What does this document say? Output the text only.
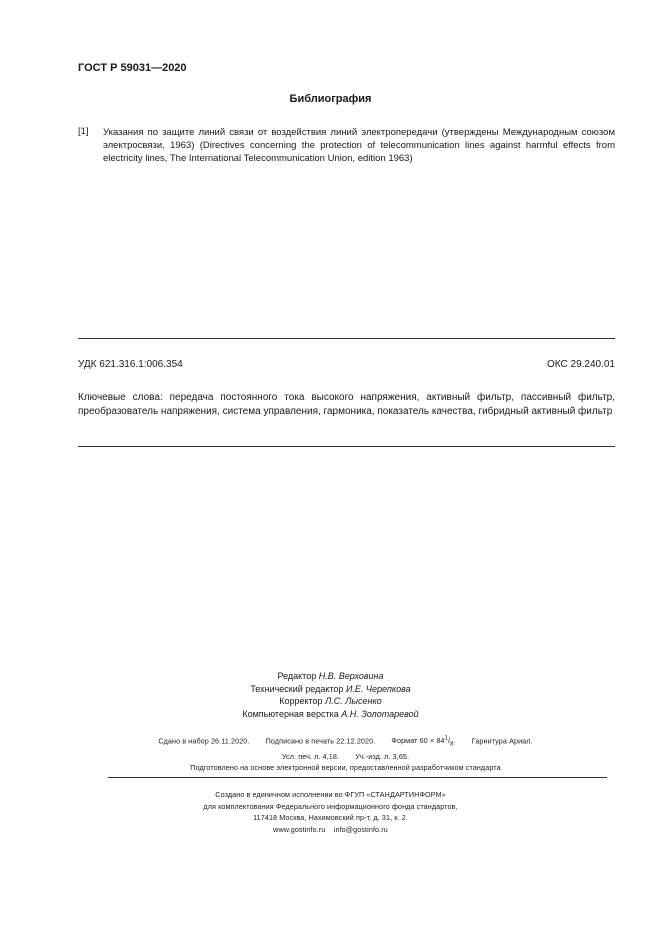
ГОСТ Р 59031—2020
Библиография
[1] Указания по защите линий связи от воздействия линий электропередачи (утверждены Международным союзом электросвязи, 1963) (Directives concerning the protection of telecommunication lines against harmful effects from electricity lines, The International Telecommunication Union, edition 1963)
УДК 621.316.1:006.354	ОКС 29.240.01
Ключевые слова: передача постоянного тока высокого напряжения, активный фильтр, пассивный фильтр, преобразователь напряжения, система управления, гармоника, показатель качества, гибридный активный фильтр
Редактор Н.В. Верховина
Технический редактор И.Е. Черепкова
Корректор Л.С. Лысенко
Компьютерная верстка А.Н. Золотаревой
Сдано в набор 26.11.2020. Подписано в печать 22.12.2020. Формат $60 \times 84^1/_8$. Гарнитура Ариал.
Усл. печ. л. 4,18. Уч.-изд. л. 3,65.
Подготовлено на основе электронной версии, предоставленной разработчиком стандарта
Создано в единичном исполнении во ФГУП «СТАНДАРТИНФОРМ»
для комплектования Федерального информационного фонда стандартов,
117418 Москва, Нахимовский пр-т, д. 31, к. 2.
www.gostinfo.ru info@gostinfo.ru
